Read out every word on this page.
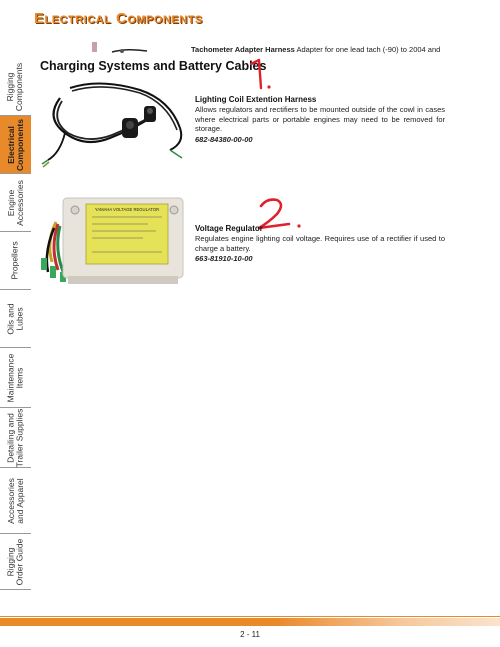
Electrical Components
Rigging
Components
Electrical
Components
Engine
Accessories
Propellers
Oils and
Lubes
Maintenance
Items
Detailing and
Trailer Supplies
Accessories
and Apparel
Rigging
Order Guide
Tachometer Adapter Harness Adapter for one lead tach (-90) to 2004 and
Charging Systems and Battery Cables

Lighting Coil Extention Harness

Allows regulators and rectifiers to be mounted outside of the cowl in cases where electrical parts or portable engines may need to be removed for storage.

682-84380-00-00

YAMAHA VOLTAGE REGULATOR

Voltage Regulator

Regulates engine lighting coil voltage. Requires use of a rectifier if used to charge a battery.

663-81910-10-00

2 - 11
